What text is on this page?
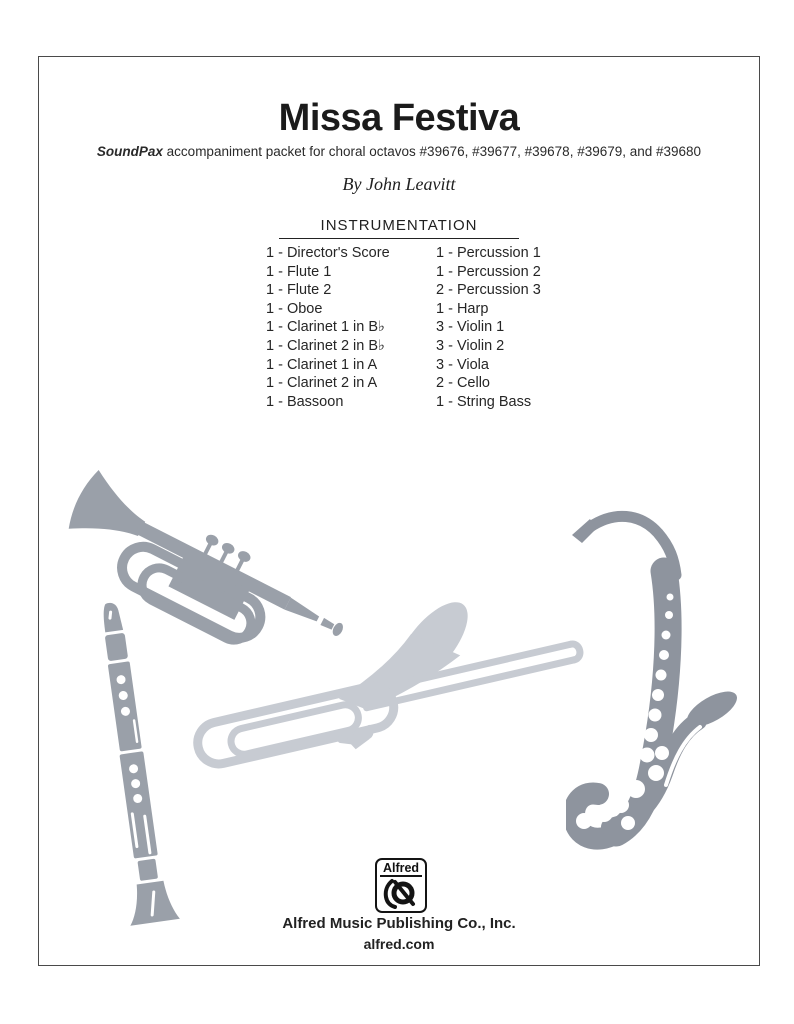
Missa Festiva
SoundPax accompaniment packet for choral octavos #39676, #39677, #39678, #39679, and #39680
By John Leavitt
INSTRUMENTATION
1 - Director's Score
1 - Flute 1
1 - Flute 2
1 - Oboe
1 - Clarinet 1 in B♭
1 - Clarinet 2 in B♭
1 - Clarinet 1 in A
1 - Clarinet 2 in A
1 - Bassoon
1 - Percussion 1
1 - Percussion 2
2 - Percussion 3
1 - Harp
3 - Violin 1
3 - Violin 2
3 - Viola
2 - Cello
1 - String Bass
Alfred
Alfred Music Publishing Co., Inc.
alfred.com
